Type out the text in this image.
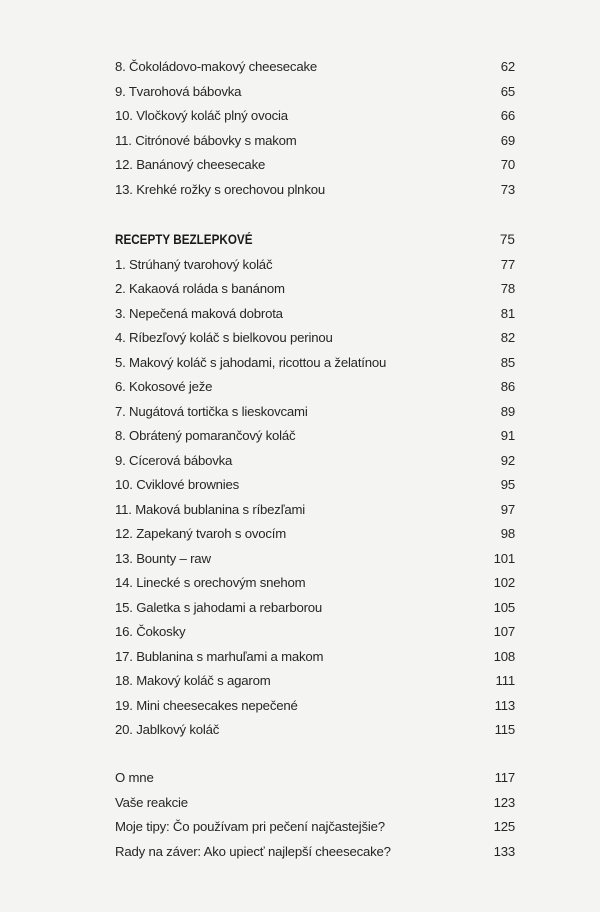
8. Čokoládovo-makový cheesecake	62
9. Tvarohová bábovka	65
10. Vločkový koláč plný ovocia	66
11. Citrónové bábovky s makom	69
12. Banánový cheesecake	70
13. Krehké rožky s orechovou plnkou	73
RECEPTY BEZLEPKOVÉ	75
1. Strúhaný tvarohový koláč	77
2. Kakaová roláda s banánom	78
3. Nepečená maková dobrota	81
4. Ríbezľový koláč s bielkovou perinou	82
5. Makový koláč s jahodami, ricottou a želatínou	85
6. Kokosové ježe	86
7. Nugátová tortička s lieskovcami	89
8. Obrátený pomarančový koláč	91
9. Cícerová bábovka	92
10. Cviklové brownies	95
11. Maková bublanina s ríbezľami	97
12. Zapekaný tvaroh s ovocím	98
13. Bounty – raw	101
14. Linecké s orechovým snehom	102
15. Galetka s jahodami a rebarborou	105
16. Čokosky	107
17. Bublanina s marhuľami a makom	108
18. Makový koláč s agarom	111
19. Mini cheesecakes nepečené	113
20. Jablkový koláč	115
O mne	117
Vaše reakcie	123
Moje tipy: Čo používam pri pečení najčastejšie?	125
Rady na záver: Ako upiecť najlepší cheesecake?	133
